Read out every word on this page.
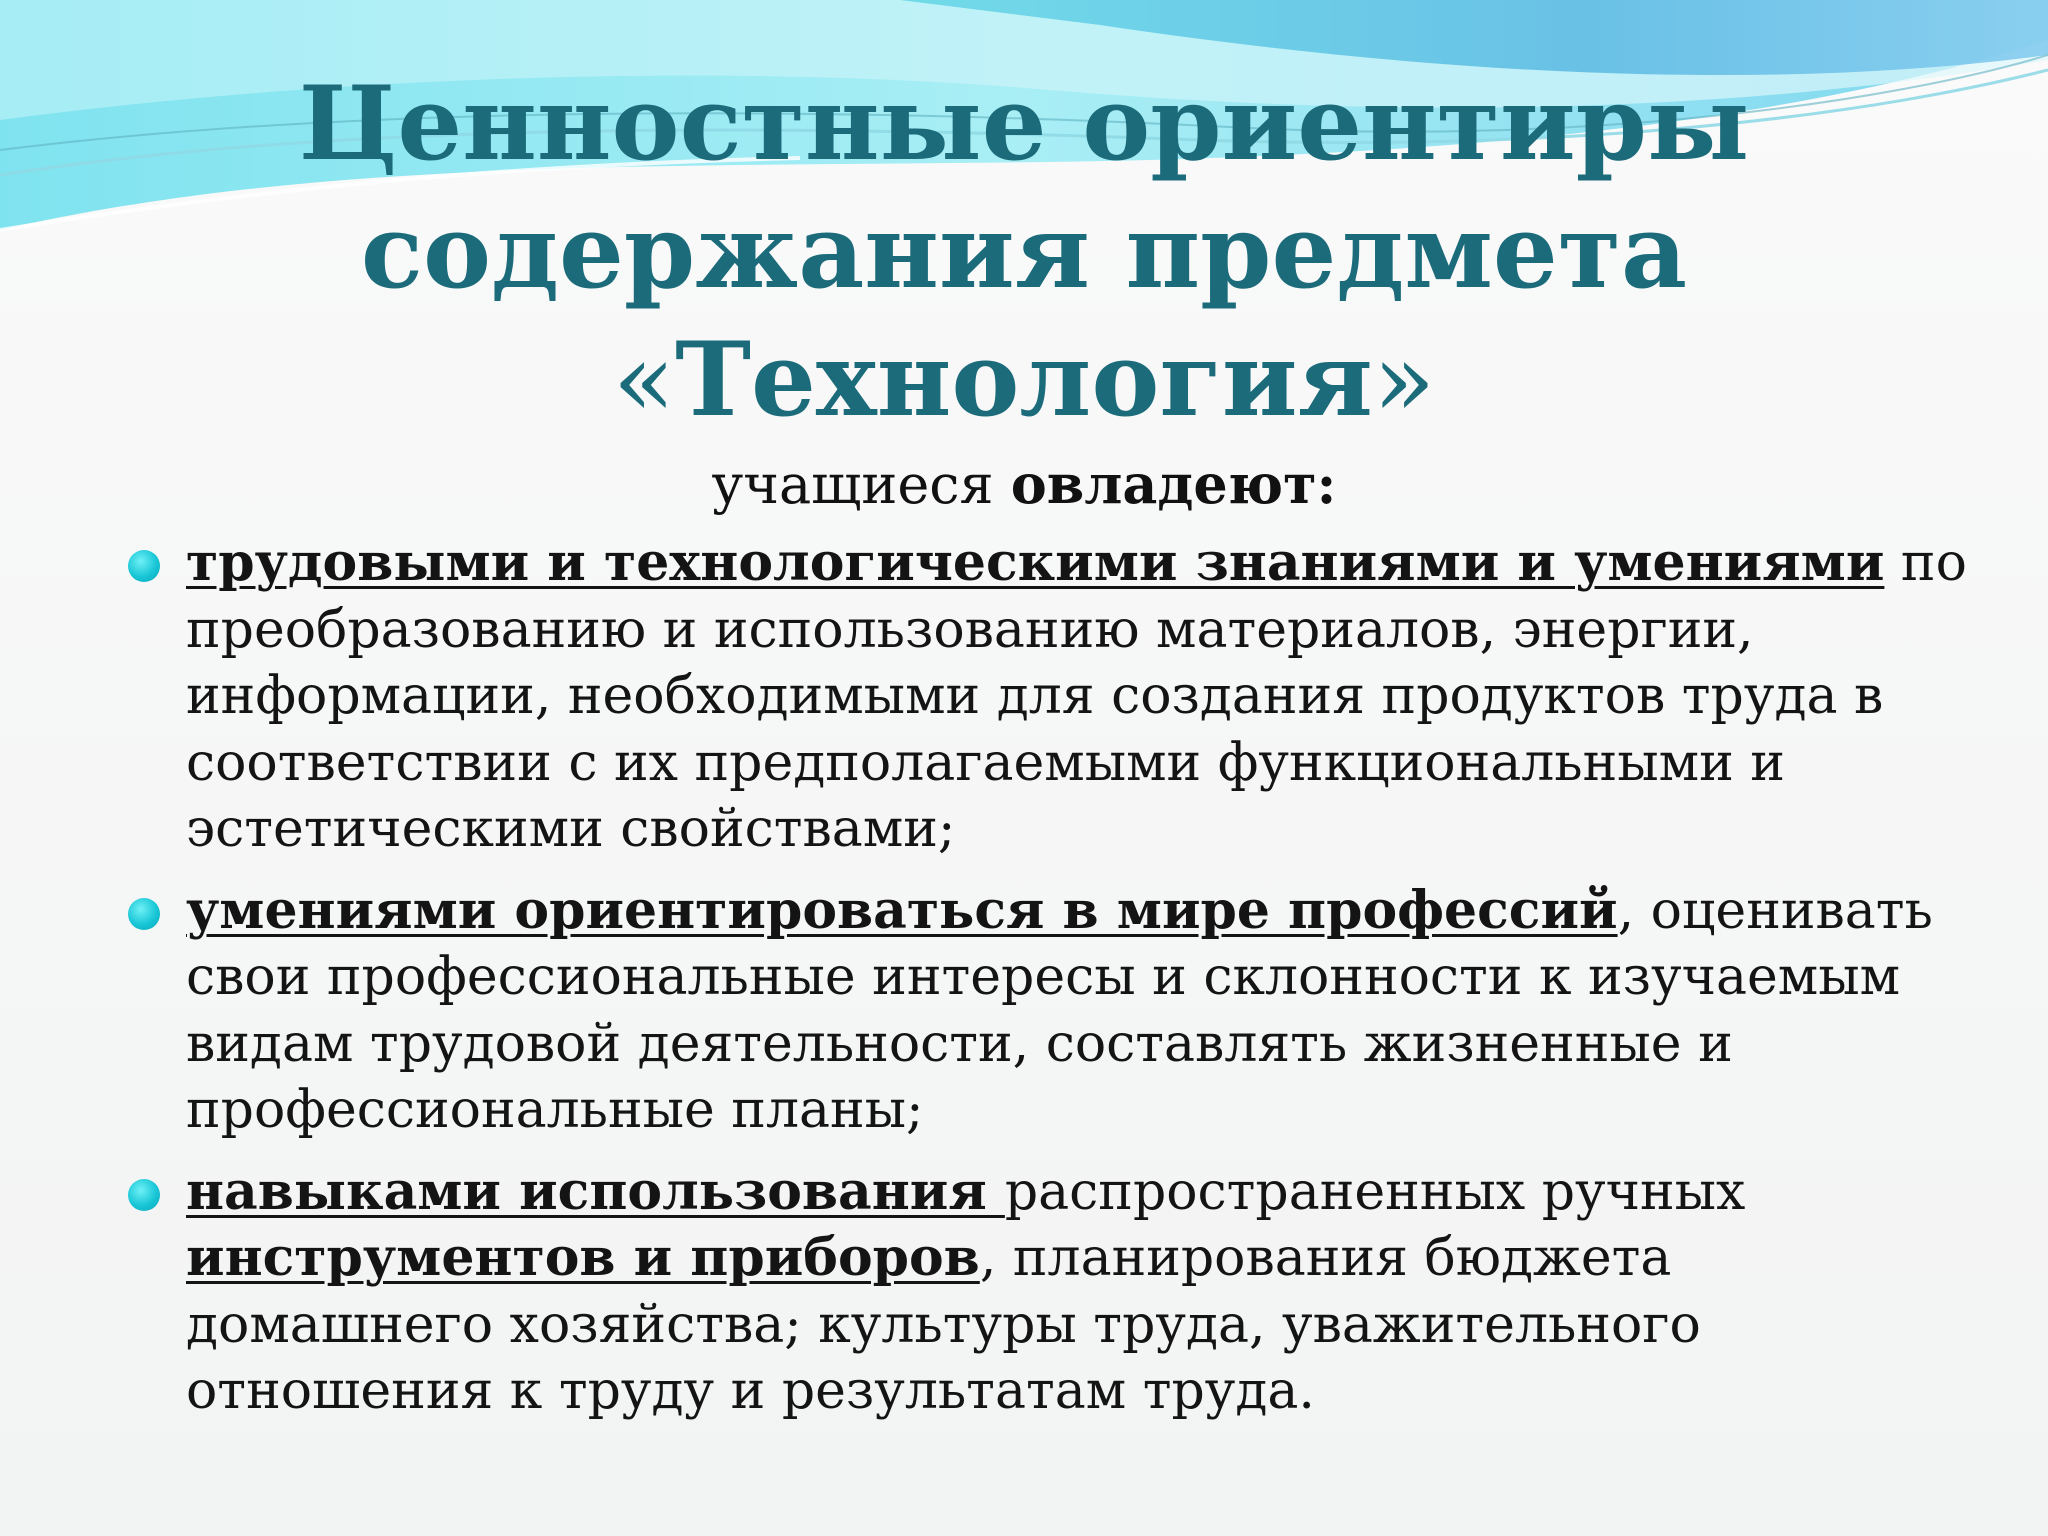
Ценностные ориентиры
содержания предмета
«Технология»
учащиеся овладеют:
трудовыми и технологическими знаниями и умениями по преобразованию и использованию материалов, энергии, информации, необходимыми для создания продуктов труда в соответствии с их предполагаемыми функциональными и эстетическими свойствами;
умениями ориентироваться в мире профессий, оценивать свои профессиональные интересы и склонности к изучаемым видам трудовой деятельности, составлять жизненные и профессиональные планы;
навыками использования распространенных ручных инструментов и приборов, планирования бюджета домашнего хозяйства; культуры труда, уважительного отношения к труду и результатам труда.
